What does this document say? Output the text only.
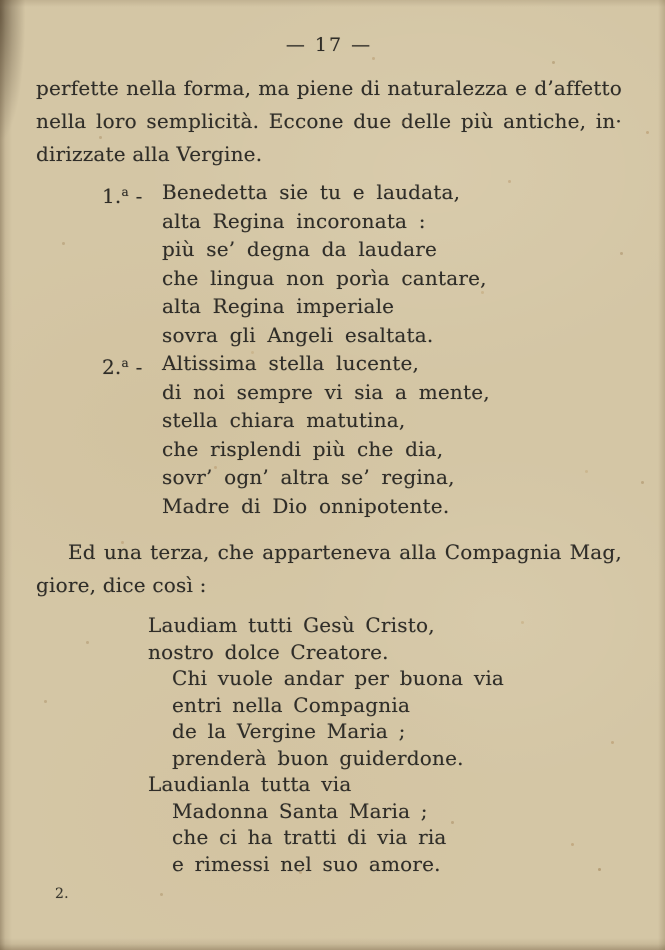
— 17 —
perfette nella forma, ma piene di naturalezza e d’affetto
nella loro semplicità. Eccone due delle più antiche, in·
dirizzate alla Vergine.
1.$^a$ - Benedetta sie tu e laudata,
alta Regina incoronata :
più se’ degna da laudare
che lingua non porìa cantare,
alta Regina imperiale
sovra gli Angeli esaltata.
2.$^a$ - Altissima stella lucente,
di noi sempre vi sia a mente,
stella chiara matutina,
che risplendi più che dia,
sovr’ ogn’ altra se’ regina,
Madre di Dio onnipotente.
Ed una terza, che apparteneva alla Compagnia Mag,
giore, dice così :
Laudiam tutti Gesù Cristo,
nostro dolce Creatore.
Chi vuole andar per buona via
entri nella Compagnia
de la Vergine Maria ;
prenderà buon guiderdone.
Laudianla tutta via
Madonna Santa Maria ;
che ci ha tratti di via ria
e rimessi nel suo amore.
2.
